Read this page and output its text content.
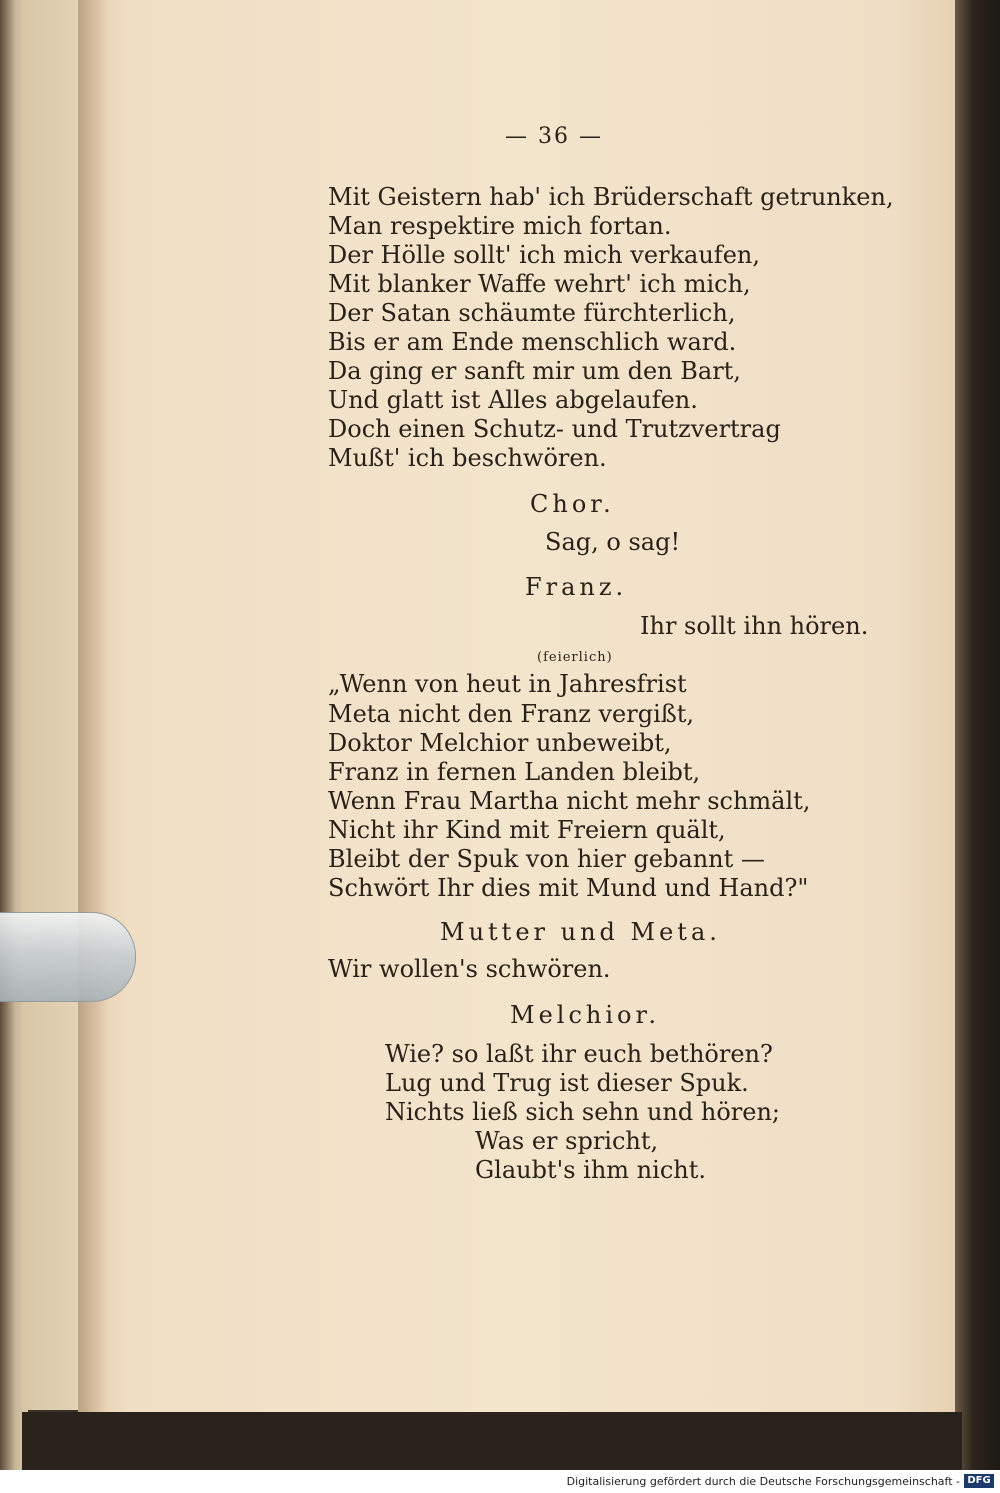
— 36 —
Mit Geistern hab' ich Brüderschaft getrunken,
Man respektire mich fortan.
Der Hölle sollt' ich mich verkaufen,
Mit blanker Waffe wehrt' ich mich,
Der Satan schäumte fürchterlich,
Bis er am Ende menschlich ward.
Da ging er sanft mir um den Bart,
Und glatt ist Alles abgelaufen.
Doch einen Schutz- und Trutzvertrag
Mußt' ich beschwören.
Chor.
Sag, o sag!
Franz.
Ihr sollt ihn hören.
(feierlich)
„Wenn von heut in Jahresfrist
Meta nicht den Franz vergißt,
Doktor Melchior unbeweibt,
Franz in fernen Landen bleibt,
Wenn Frau Martha nicht mehr schmält,
Nicht ihr Kind mit Freiern quält,
Bleibt der Spuk von hier gebannt —
Schwört Ihr dies mit Mund und Hand?"
Mutter und Meta.
Wir wollen's schwören.
Melchior.
Wie? so laßt ihr euch bethören?
Lug und Trug ist dieser Spuk.
Nichts ließ sich sehn und hören;
Was er spricht,
Glaubt's ihm nicht.
Digitalisierung gefördert durch die Deutsche Forschungsgemeinschaft - DFG
